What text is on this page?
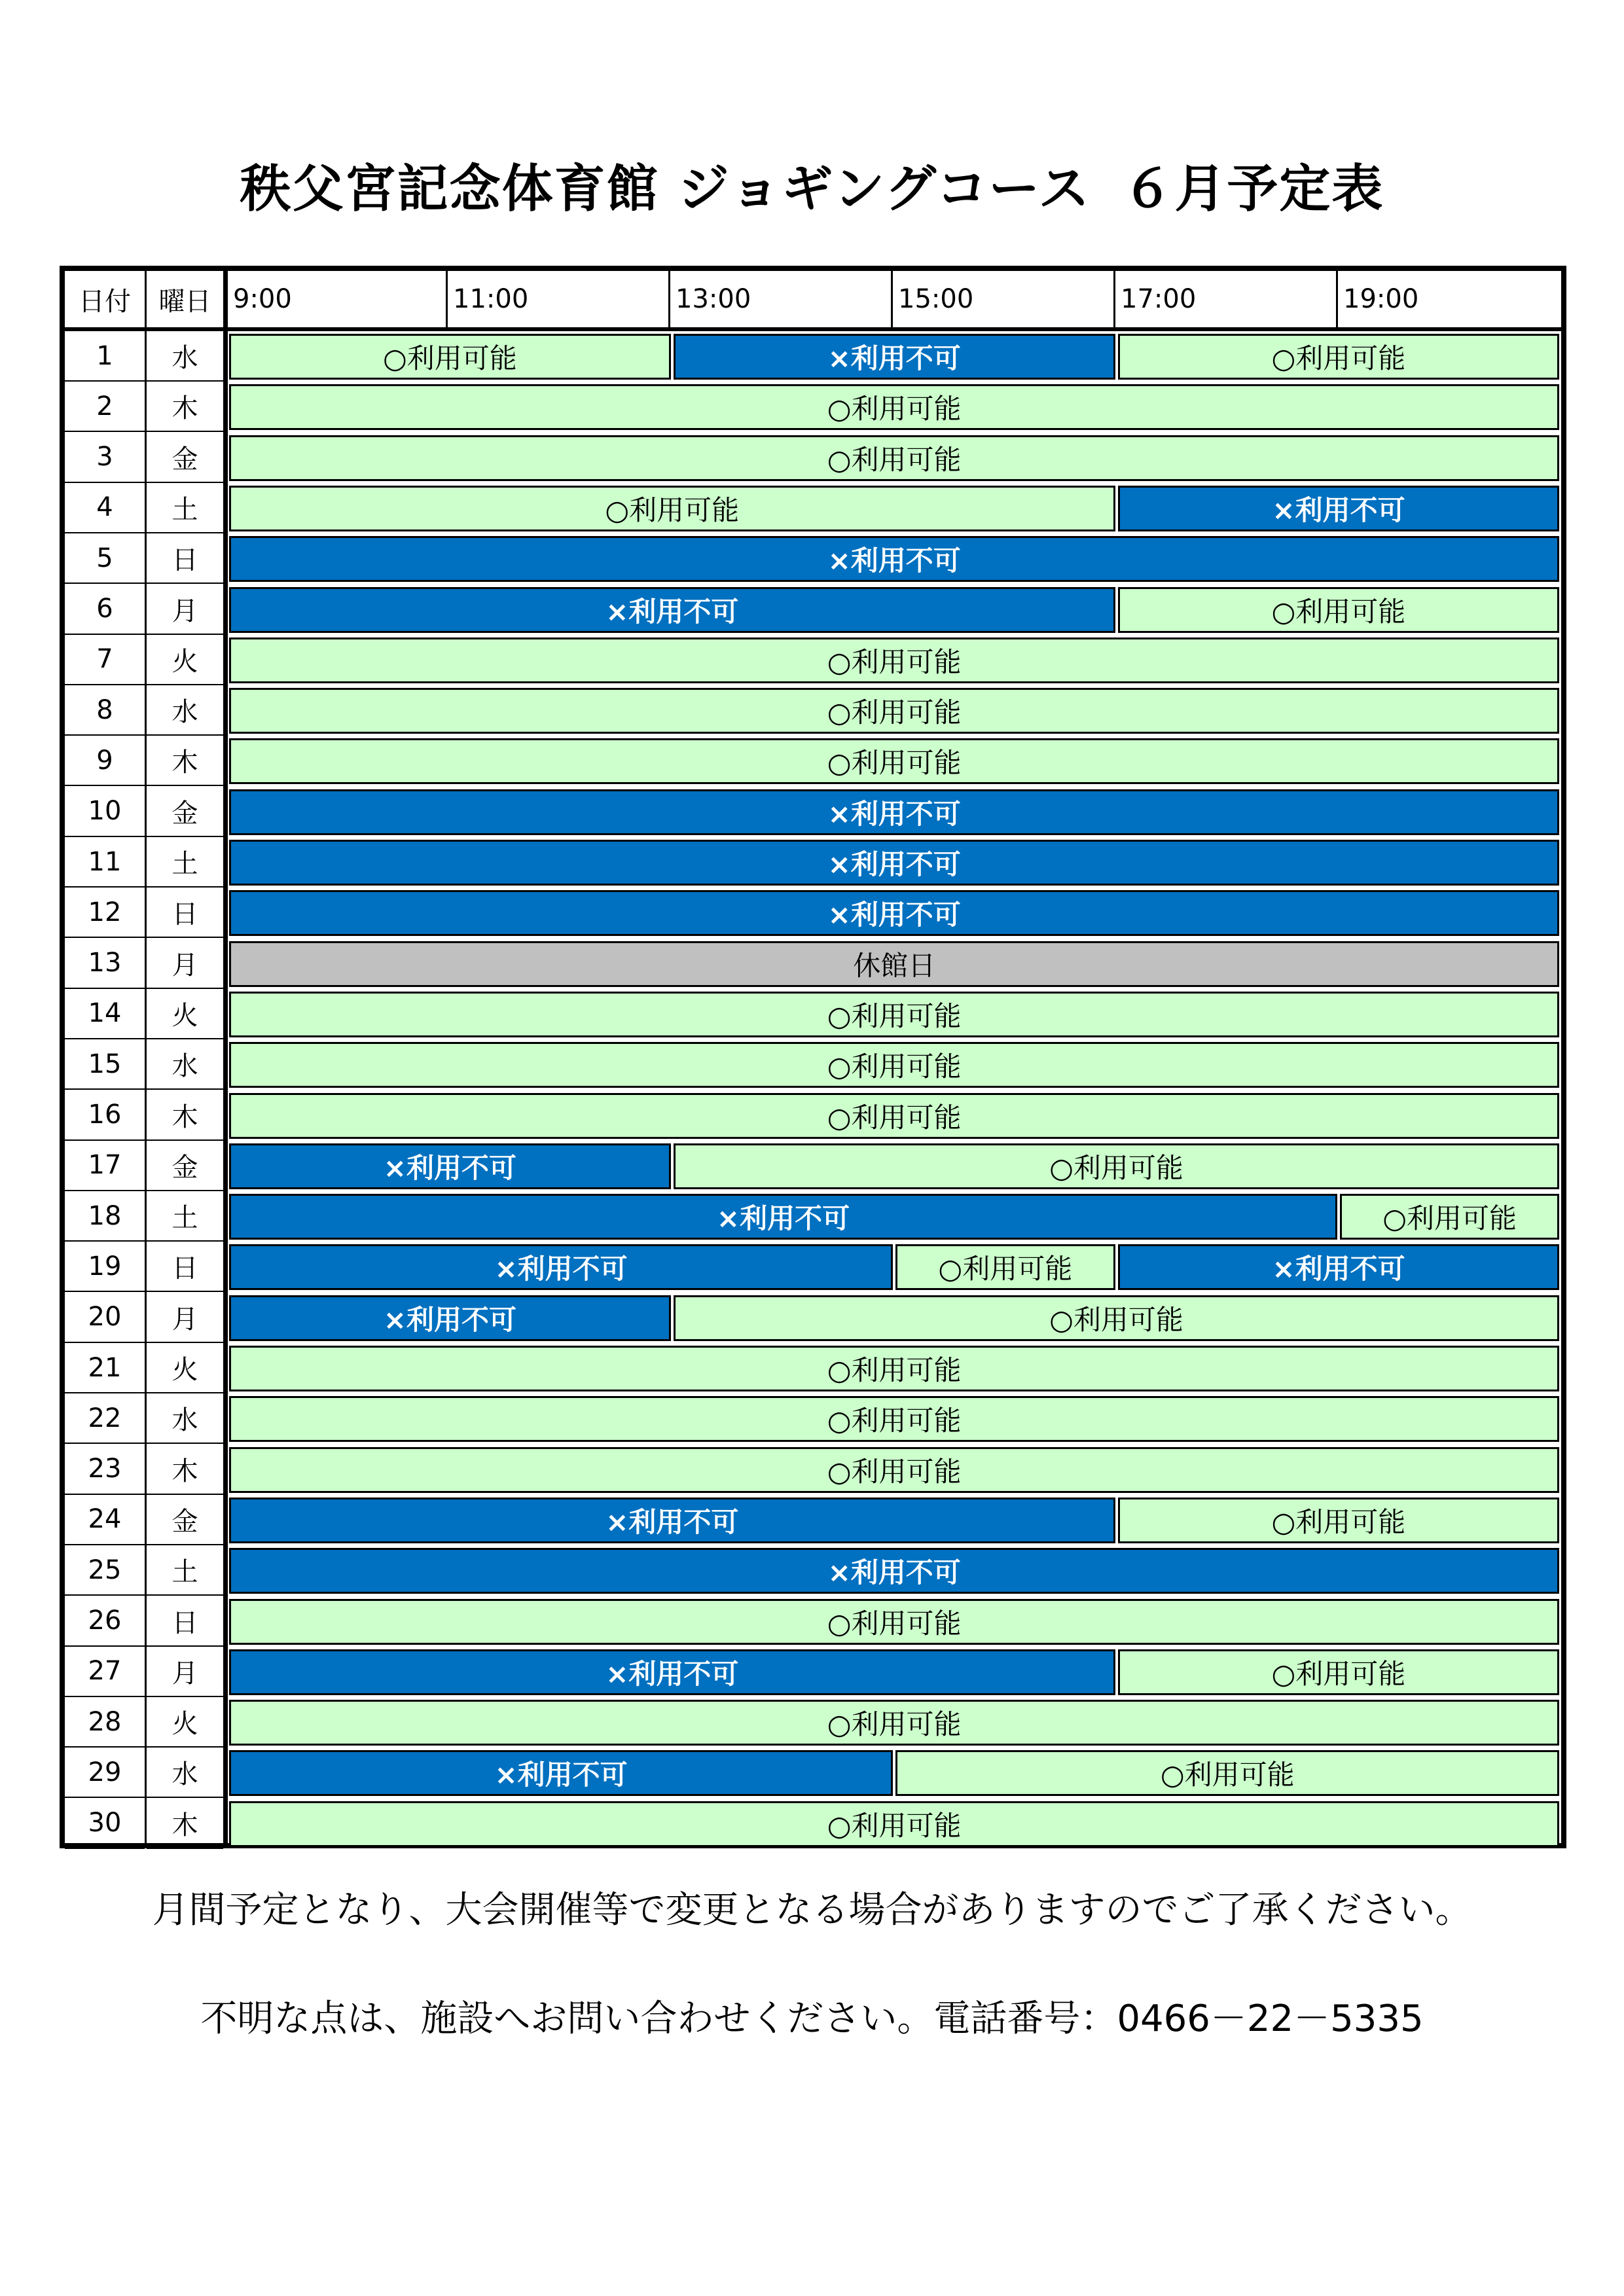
秩父宮記念体育館 ジョギングコース ６月予定表
日付	曜日 9:00	11:00	13:00	15:00	17:00	19:00
1	水	○利用可能	×利用不可	○利用可能
2	木	○利用可能
3	金	○利用可能
4	土	○利用可能	×利用不可
5	日	×利用不可
6	月	×利用不可	○利用可能
7	火	○利用可能
8	水	○利用可能
9	木	○利用可能
10	金	×利用不可
11	土	×利用不可
12	日	×利用不可
13	月	休館日
14	火	○利用可能
15	水	○利用可能
16	木	○利用可能
17	金	×利用不可	○利用可能
18	土	×利用不可	○利用可能
19	日	×利用不可	○利用可能	×利用不可
20	月	×利用不可	○利用可能
21	火	○利用可能
22	水	○利用可能
23	木	○利用可能
24	金	×利用不可	○利用可能
25	土	×利用不可
26	日	○利用可能
27	月	×利用不可	○利用可能
28	火	○利用可能
29	水	×利用不可	○利用可能
30	木	○利用可能
月間予定となり、大会開催等で変更となる場合がありますのでご了承ください。
不明な点は、施設へお問い合わせください。電話番号：0466－22－5335
